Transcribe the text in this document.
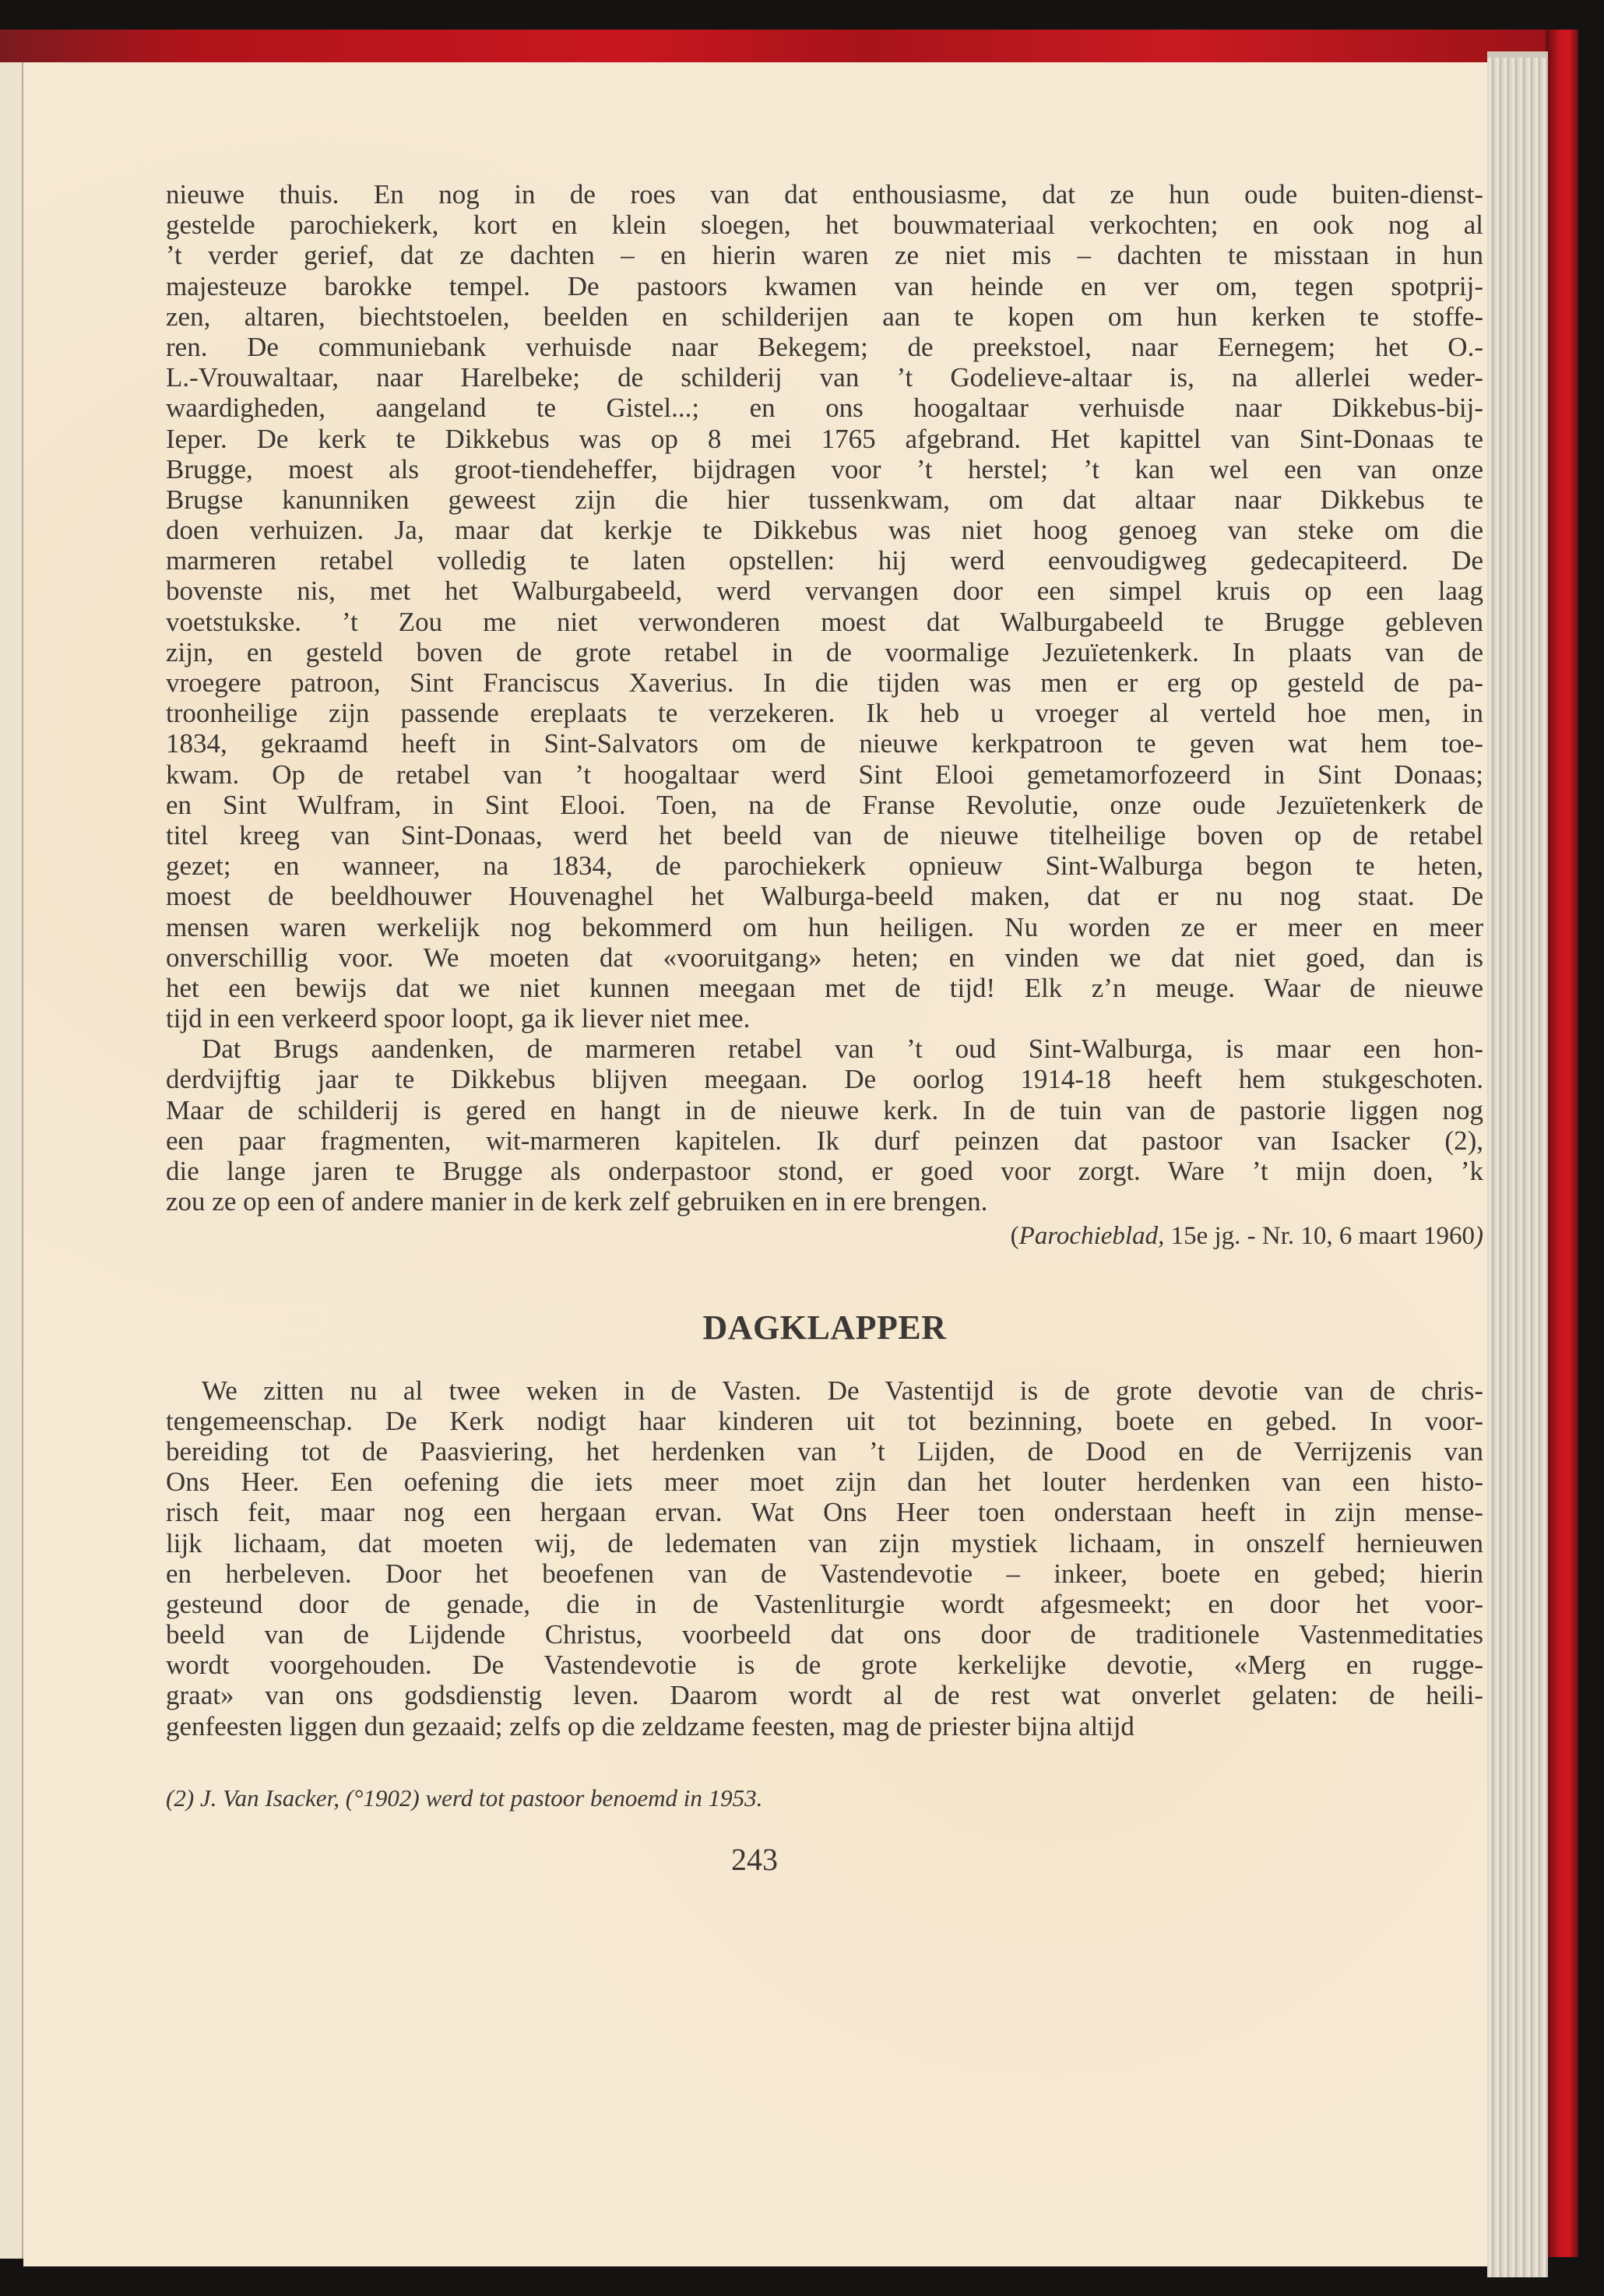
nieuwe thuis. En nog in de roes van dat enthousiasme, dat ze hun oude buiten-dienst-
gestelde parochiekerk, kort en klein sloegen, het bouwmateriaal verkochten; en ook nog al
’t verder gerief, dat ze dachten – en hierin waren ze niet mis – dachten te misstaan in hun
majesteuze barokke tempel. De pastoors kwamen van heinde en ver om, tegen spotprij-
zen, altaren, biechtstoelen, beelden en schilderijen aan te kopen om hun kerken te stoffe-
ren. De communiebank verhuisde naar Bekegem; de preekstoel, naar Eernegem; het O.-
L.-Vrouwaltaar, naar Harelbeke; de schilderij van ’t Godelieve-altaar is, na allerlei weder-
waardigheden, aangeland te Gistel...; en ons hoogaltaar verhuisde naar Dikkebus-bij-
Ieper. De kerk te Dikkebus was op 8 mei 1765 afgebrand. Het kapittel van Sint-Donaas te
Brugge, moest als groot-tiendeheffer, bijdragen voor ’t herstel; ’t kan wel een van onze
Brugse kanunniken geweest zijn die hier tussenkwam, om dat altaar naar Dikkebus te
doen verhuizen. Ja, maar dat kerkje te Dikkebus was niet hoog genoeg van steke om die
marmeren retabel volledig te laten opstellen: hij werd eenvoudigweg gedecapiteerd. De
bovenste nis, met het Walburgabeeld, werd vervangen door een simpel kruis op een laag
voetstukske. ’t Zou me niet verwonderen moest dat Walburgabeeld te Brugge gebleven
zijn, en gesteld boven de grote retabel in de voormalige Jezuïetenkerk. In plaats van de
vroegere patroon, Sint Franciscus Xaverius. In die tijden was men er erg op gesteld de pa-
troonheilige zijn passende ereplaats te verzekeren. Ik heb u vroeger al verteld hoe men, in
1834, gekraamd heeft in Sint-Salvators om de nieuwe kerkpatroon te geven wat hem toe-
kwam. Op de retabel van ’t hoogaltaar werd Sint Elooi gemetamorfozeerd in Sint Donaas;
en Sint Wulfram, in Sint Elooi. Toen, na de Franse Revolutie, onze oude Jezuïetenkerk de
titel kreeg van Sint-Donaas, werd het beeld van de nieuwe titelheilige boven op de retabel
gezet; en wanneer, na 1834, de parochiekerk opnieuw Sint-Walburga begon te heten,
moest de beeldhouwer Houvenaghel het Walburga-beeld maken, dat er nu nog staat. De
mensen waren werkelijk nog bekommerd om hun heiligen. Nu worden ze er meer en meer
onverschillig voor. We moeten dat «vooruitgang» heten; en vinden we dat niet goed, dan is
het een bewijs dat we niet kunnen meegaan met de tijd! Elk z’n meuge. Waar de nieuwe
tijd in een verkeerd spoor loopt, ga ik liever niet mee.
Dat Brugs aandenken, de marmeren retabel van ’t oud Sint-Walburga, is maar een hon-
derdvijftig jaar te Dikkebus blijven meegaan. De oorlog 1914-18 heeft hem stukgeschoten.
Maar de schilderij is gered en hangt in de nieuwe kerk. In de tuin van de pastorie liggen nog
een paar fragmenten, wit-marmeren kapitelen. Ik durf peinzen dat pastoor van Isacker (2),
die lange jaren te Brugge als onderpastoor stond, er goed voor zorgt. Ware ’t mijn doen, ’k
zou ze op een of andere manier in de kerk zelf gebruiken en in ere brengen.
(Parochieblad, 15e jg. - Nr. 10, 6 maart 1960)
DAGKLAPPER
We zitten nu al twee weken in de Vasten. De Vastentijd is de grote devotie van de chris-
tengemeenschap. De Kerk nodigt haar kinderen uit tot bezinning, boete en gebed. In voor-
bereiding tot de Paasviering, het herdenken van ’t Lijden, de Dood en de Verrijzenis van
Ons Heer. Een oefening die iets meer moet zijn dan het louter herdenken van een histo-
risch feit, maar nog een hergaan ervan. Wat Ons Heer toen onderstaan heeft in zijn mense-
lijk lichaam, dat moeten wij, de ledematen van zijn mystiek lichaam, in onszelf hernieuwen
en herbeleven. Door het beoefenen van de Vastendevotie – inkeer, boete en gebed; hierin
gesteund door de genade, die in de Vastenliturgie wordt afgesmeekt; en door het voor-
beeld van de Lijdende Christus, voorbeeld dat ons door de traditionele Vastenmeditaties
wordt voorgehouden. De Vastendevotie is de grote kerkelijke devotie, «Merg en rugge-
graat» van ons godsdienstig leven. Daarom wordt al de rest wat onverlet gelaten: de heili-
genfeesten liggen dun gezaaid; zelfs op die zeldzame feesten, mag de priester bijna altijd
(2) J. Van Isacker, (°1902) werd tot pastoor benoemd in 1953.
243
